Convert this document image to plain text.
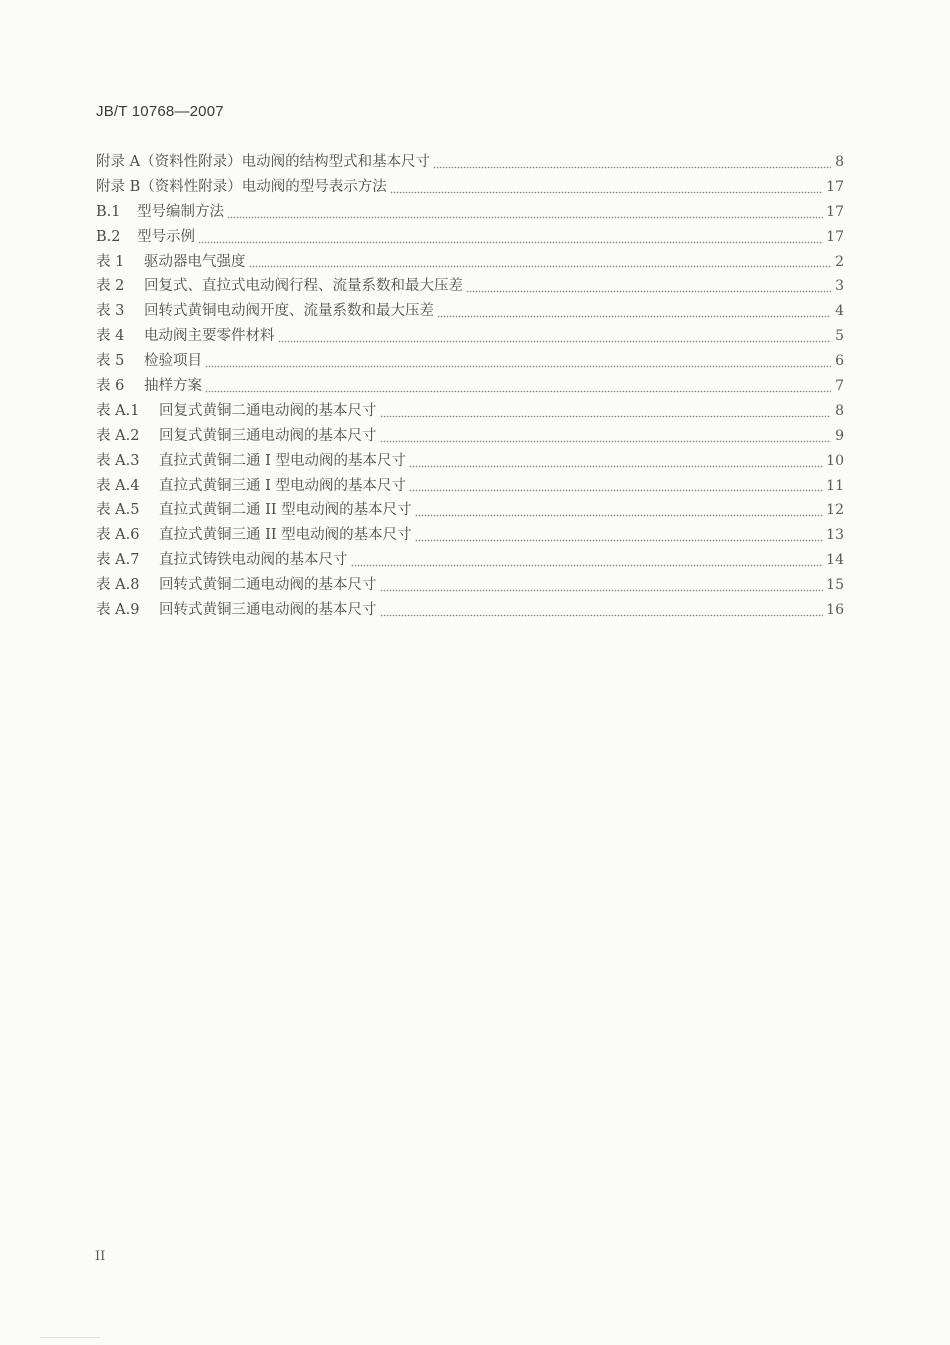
JB/T 10768—2007
附录 A（资料性附录）电动阀的结构型式和基本尺寸	8
附录 B（资料性附录）电动阀的型号表示方法	17
B.1	型号编制方法	17
B.2	型号示例	17
表 1	驱动器电气强度	2
表 2	回复式、直拉式电动阀行程、流量系数和最大压差	3
表 3	回转式黄铜电动阀开度、流量系数和最大压差	4
表 4	电动阀主要零件材料	5
表 5	检验项目	6
表 6	抽样方案	7
表 A.1	回复式黄铜二通电动阀的基本尺寸	8
表 A.2	回复式黄铜三通电动阀的基本尺寸	9
表 A.3	直拉式黄铜二通 I 型电动阀的基本尺寸	10
表 A.4	直拉式黄铜三通 I 型电动阀的基本尺寸	11
表 A.5	直拉式黄铜二通 II 型电动阀的基本尺寸	12
表 A.6	直拉式黄铜三通 II 型电动阀的基本尺寸	13
表 A.7	直拉式铸铁电动阀的基本尺寸	14
表 A.8	回转式黄铜二通电动阀的基本尺寸	15
表 A.9	回转式黄铜三通电动阀的基本尺寸	16
II
